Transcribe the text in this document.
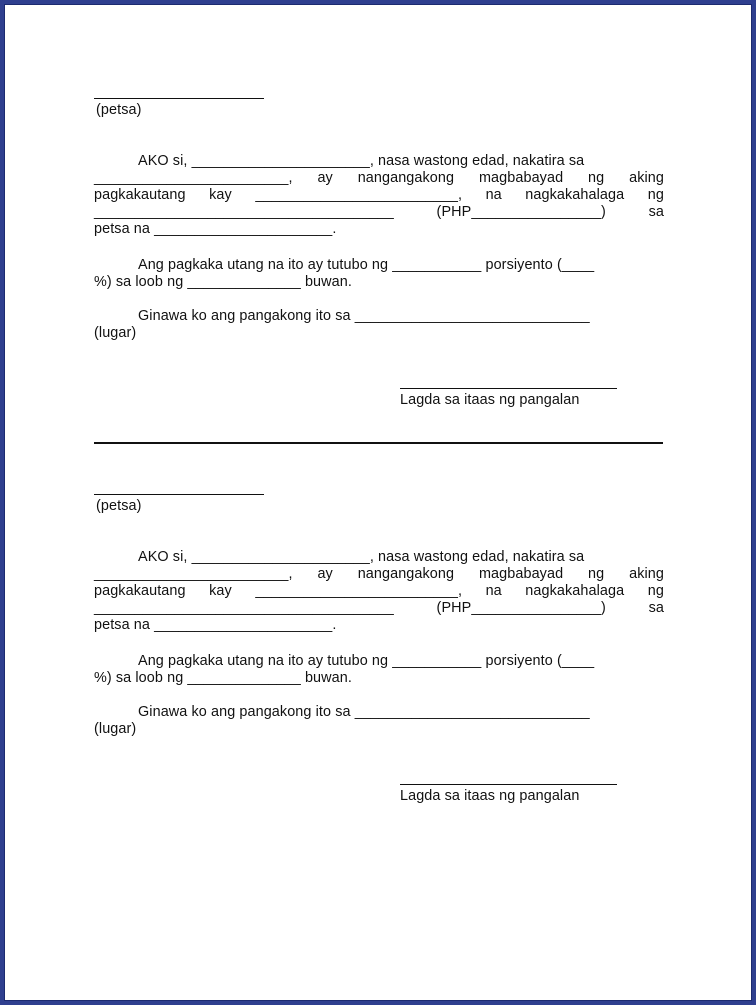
(petsa)
AKO si, ______________________, nasa wastong edad, nakatira sa
________________________, ay nangangakong magbabayad ng aking
pagkakautang kay _________________________, na nagkakahalaga ng
_____________________________________	(PHP________________)	sa
petsa na ______________________.
Ang pagkaka utang na ito ay tutubo ng ___________ porsiyento (____
%) sa loob ng ______________ buwan.
Ginawa ko ang pangakong ito sa _____________________________
(lugar)
Lagda sa itaas ng pangalan
(petsa)
AKO si, ______________________, nasa wastong edad, nakatira sa
________________________, ay nangangakong magbabayad ng aking
pagkakautang kay _________________________, na nagkakahalaga ng
_____________________________________	(PHP________________)	sa
petsa na ______________________.
Ang pagkaka utang na ito ay tutubo ng ___________ porsiyento (____
%) sa loob ng ______________ buwan.
Ginawa ko ang pangakong ito sa _____________________________
(lugar)
Lagda sa itaas ng pangalan
